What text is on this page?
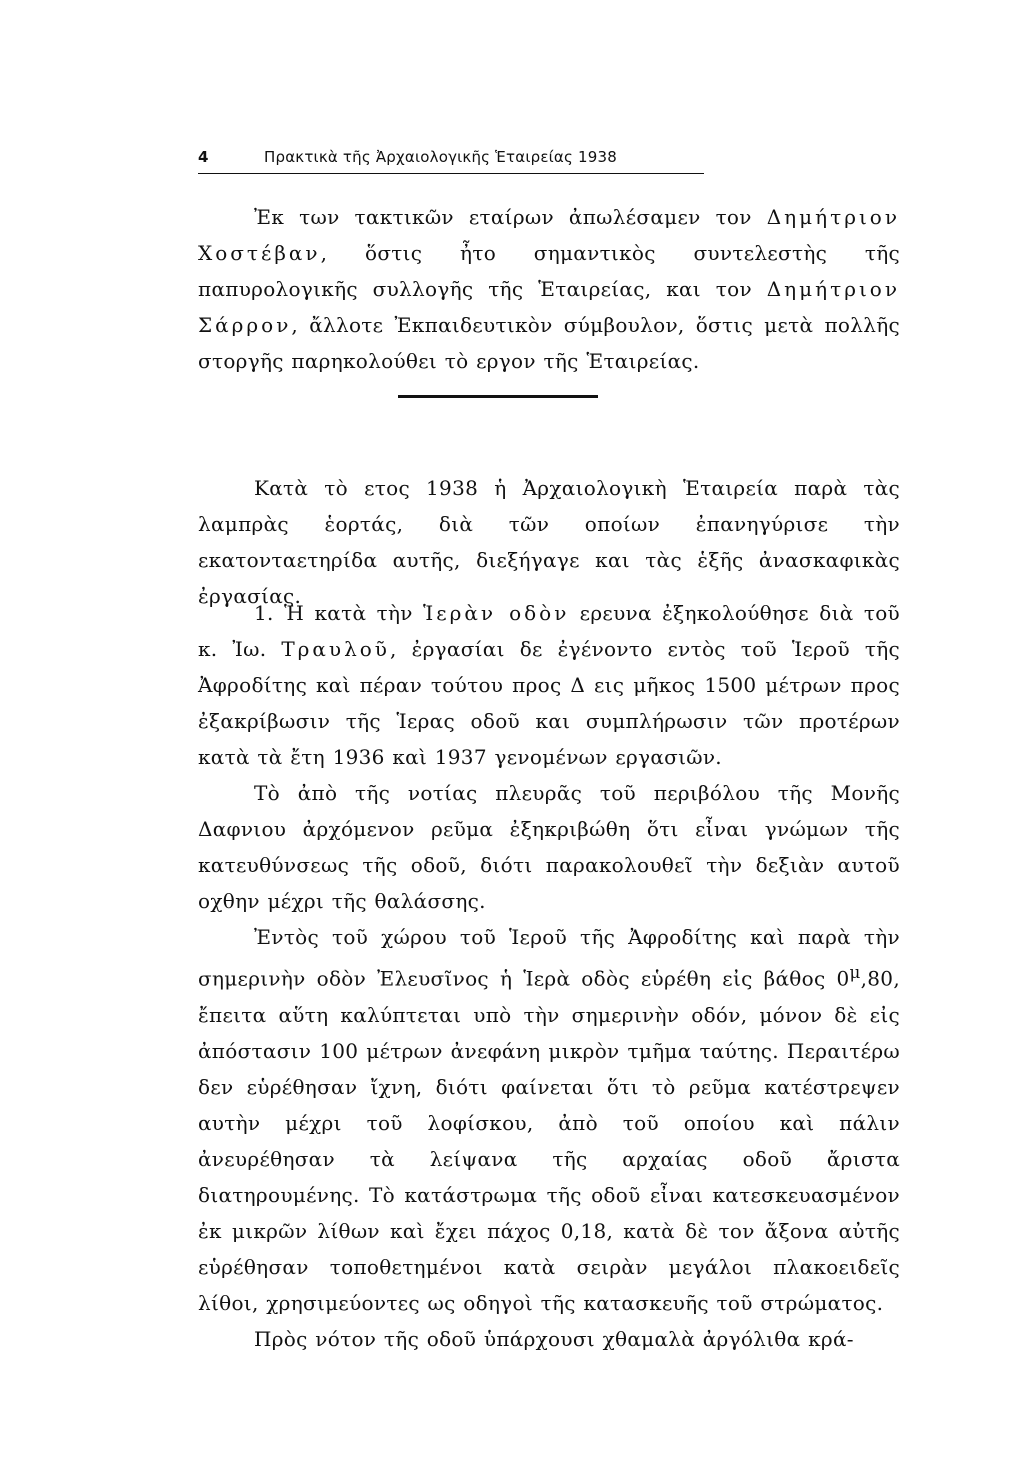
4	Πρακτικὰ τῆς Ἀρχαιολογικῆς Ἑταιρείας 1938

Ἐκ των τακτικῶν εταίρων ἀπωλέσαμεν τον Δημήτριον Χοστέβαν, ὅστις ἦτο σημαντικὸς συντελεστὴς τῆς παπυρολογικῆς συλλογῆς τῆς Ἑταιρείας, και τον Δημήτριον Σάρρον, ἄλλοτε Ἐκπαιδευτικὸν σύμβουλον, ὅστις μετὰ πολλῆς στοργῆς παρηκολούθει τὸ εργον τῆς Ἑταιρείας.

Κατὰ τὸ ετος 1938 ἡ Ἀρχαιολογικὴ Ἑταιρεία παρὰ τὰς λαμπρὰς ἑορτάς, διὰ τῶν οποίων ἐπανηγύρισε τὴν εκατονταετηρίδα αυτῆς, διεξήγαγε και τὰς ἑξῆς ἀνασκαφικὰς ἐργασίας.

1. Ἡ κατὰ τὴν Ἱερὰν οδὸν ερευνα ἐξηκολούθησε διὰ τοῦ κ. Ἰω. Τραυλοῦ, ἐργασίαι δε ἐγένοντο εντὸς τοῦ Ἱεροῦ τῆς Ἀφροδίτης καὶ πέραν τούτου προς Δ εις μῆκος 1500 μέτρων προς ἐξακρίβωσιν τῆς Ἱερας οδοῦ και συμπλήρωσιν τῶν προτέρων κατὰ τὰ ἔτη 1936 καὶ 1937 γενομένων εργασιῶν.

Τὸ ἀπὸ τῆς νοτίας πλευρᾶς τοῦ περιβόλου τῆς Μονῆς Δαφνιου ἀρχόμενον ρεῦμα ἐξηκριβώθη ὅτι εἶναι γνώμων τῆς κατευθύνσεως τῆς οδοῦ, διότι παρακολουθεῖ τὴν δεξιὰν αυτοῦ οχθην μέχρι τῆς θαλάσσης.

Ἐντὸς τοῦ χώρου τοῦ Ἱεροῦ τῆς Ἀφροδίτης καὶ παρὰ τὴν σημερινὴν οδὸν Ἐλευσῖνος ἡ Ἱερὰ οδὸς εὑρέθη εἰς βάθος $0^\mu,80$, ἔπειτα αὕτη καλύπτεται υπὸ τὴν σημερινὴν οδόν, μόνον δὲ εἰς ἀπόστασιν 100 μέτρων ἀνεφάνη μικρὸν τμῆμα ταύτης. Περαιτέρω δεν εὑρέθησαν ἴχνη, διότι φαίνεται ὅτι τὸ ρεῦμα κατέστρεψεν αυτὴν μέχρι τοῦ λοφίσκου, ἀπὸ τοῦ οποίου καὶ πάλιν ἀνευρέθησαν τὰ λείψανα τῆς αρχαίας οδοῦ ἄριστα διατηρουμένης. Τὸ κατάστρωμα τῆς οδοῦ εἶναι κατεσκευασμένον ἐκ μικρῶν λίθων καὶ ἔχει πάχος 0,18, κατὰ δὲ τον ἄξονα αὐτῆς εὑρέθησαν τοποθετημένοι κατὰ σειρὰν μεγάλοι πλακοειδεῖς λίθοι, χρησιμεύοντες ως οδηγοὶ τῆς κατασκευῆς τοῦ στρώματος.

Πρὸς νότον τῆς οδοῦ ὑπάρχουσι χθαμαλὰ ἀργόλιθα κρά-
